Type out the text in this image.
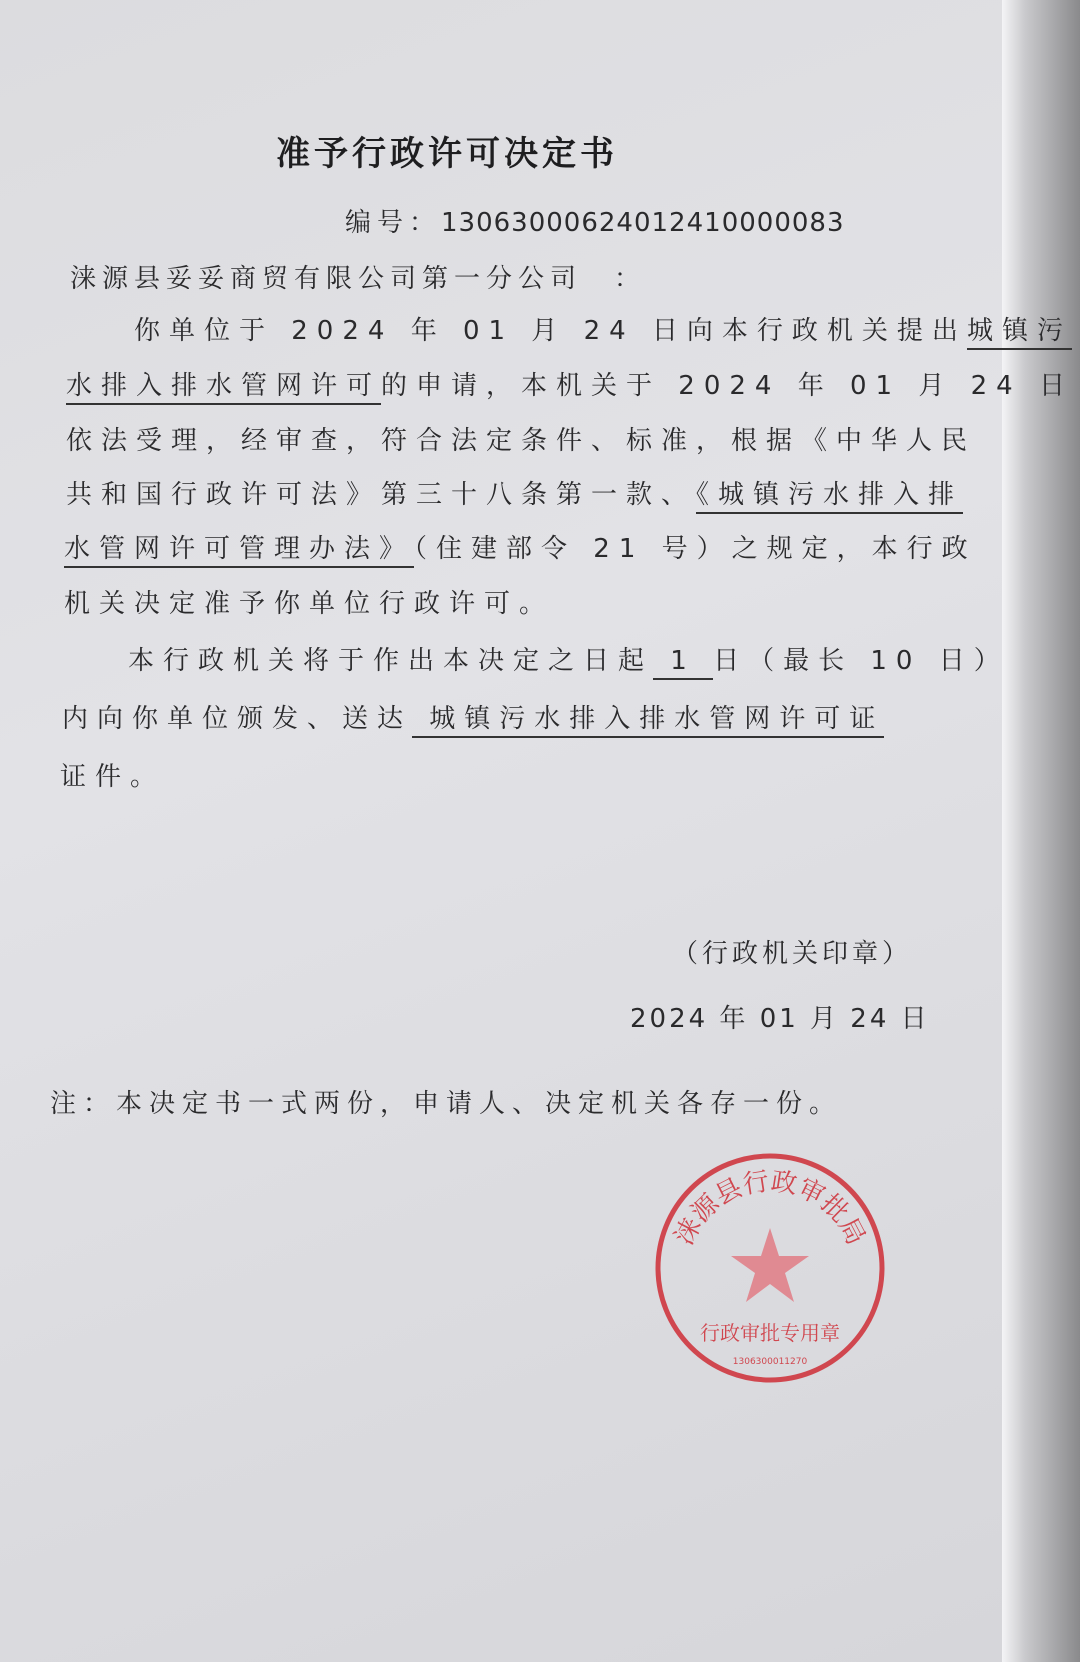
准予行政许可决定书
编号：13063000624012410000083
涞源县妥妥商贸有限公司第一分公司　：
你单位于 2024 年 01 月 24 日向本行政机关提出城镇污
水排入排水管网许可的申请，本机关于 2024 年 01 月 24 日
依法受理，经审查，符合法定条件、标准，根据《中华人民
共和国行政许可法》第三十八条第一款、《城镇污水排入排
水管网许可管理办法》（住建部令 21 号）之规定，本行政
机关决定准予你单位行政许可。
本行政机关将于作出本决定之日起 1 日（最长 10 日）
内向你单位颁发、送达 城镇污水排入排水管网许可证
证件。
（行政机关印章）
2024 年 01 月 24 日
注：本决定书一式两份，申请人、决定机关各存一份。
涞源县行政审批局
行政审批专用章
1306300011270
